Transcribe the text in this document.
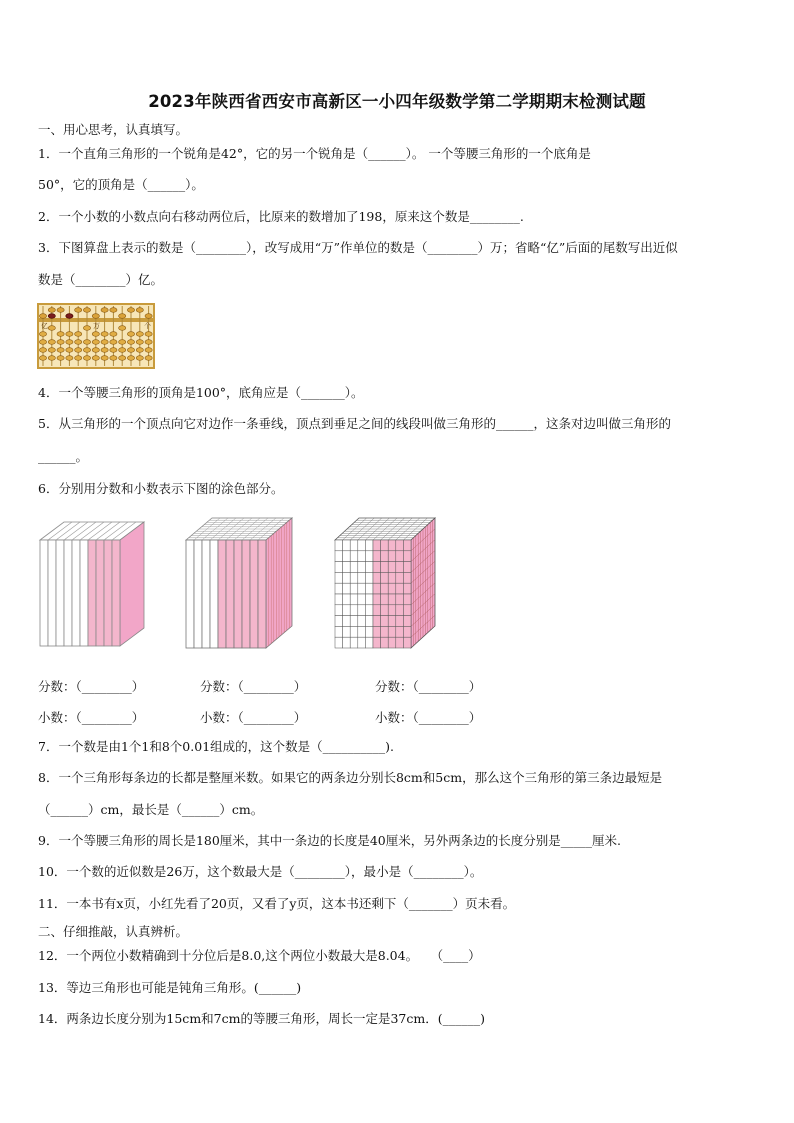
2023年陕西省西安市高新区一小四年级数学第二学期期末检测试题
一、用心思考，认真填写。
1．一个直角三角形的一个锐角是42°，它的另一个锐角是（______）。 一个等腰三角形的一个底角是
50°，它的顶角是（______）。
2．一个小数的小数点向右移动两位后，比原来的数增加了198，原来这个数是________.
3．下图算盘上表示的数是（________），改写成用“万”作单位的数是（________）万；省略“亿”后面的尾数写出近似
数是（________）亿。
亿	万	个
4．一个等腰三角形的顶角是100°，底角应是（_______）。
5．从三角形的一个顶点向它对边作一条垂线，顶点到垂足之间的线段叫做三角形的______，这条对边叫做三角形的
______。
6．分别用分数和小数表示下图的涂色部分。
分数：（________）	分数：（________）	分数：（________）
小数：（________）	小数：（________）	小数：（________）
7．一个数是由1个1和8个0.01组成的，这个数是（__________).
8．一个三角形每条边的长都是整厘米数。如果它的两条边分别长8cm和5cm，那么这个三角形的第三条边最短是
（______）cm，最长是（______）cm。
9．一个等腰三角形的周长是180厘米，其中一条边的长度是40厘米，另外两条边的长度分别是_____厘米.
10．一个数的近似数是26万，这个数最大是（________），最小是（________）。
11．一本书有x页，小红先看了20页，又看了y页，这本书还剩下（_______）页未看。
二、仔细推敲，认真辨析。
12．一个两位小数精确到十分位后是8.0,这个两位小数最大是8.04。　　（____）
13．等边三角形也可能是钝角三角形。(______)
14．两条边长度分别为15cm和7cm的等腰三角形，周长一定是37cm．(______)
